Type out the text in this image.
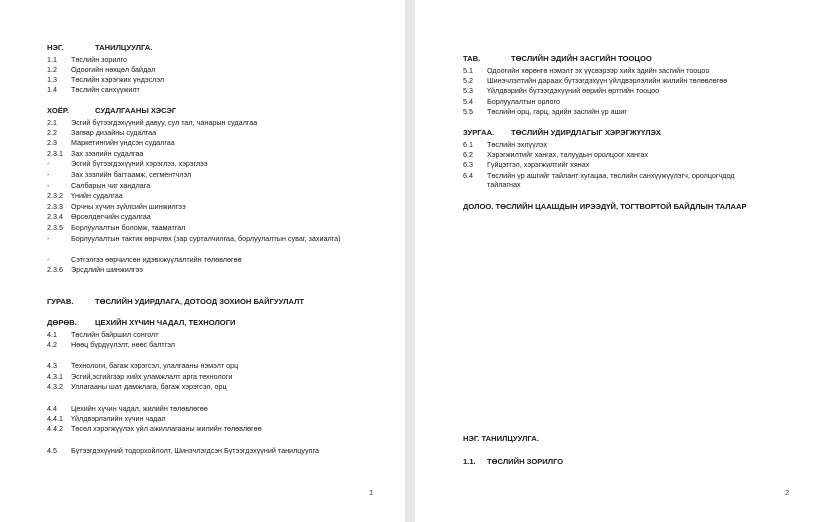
НЭГ.	ТАНИЛЦУУЛГА.
1.1 Төслийн зорилго
1.2 Одоогийн нөхцөл байдал
1.3 Төслийн хэрэгжих үндэслэл
1.4 Төслийн санхүүжилт
ХОЁР.	СУДАЛГААНЫ ХЭСЭГ
2.1 Эсгий бүтээгдэхүүний давуу, сул тал, чанарын судалгаа
2.2 Загвар дизайны судалгаа
2.3 Маркетингийн үндсэн судалгаа
2.3.1 Зах зээлийн судалгаа
-	Эсгий бүтээгдэхүүний хэрэглээ, хэрэглээ
-	Зах зээлийн багтаамж, сегментчлэл
-	Салбарын чиг хандлага
2.3.2 Үнийн судалгаа
2.3.3 Орчны хүчин зүйлсийн шинжилгээ
2.3.4 Өрсөлдөгчийн судалгаа
2.3.5 Борлуулалтын боломж, тааматгал
-	Борлуулалтын тактик өөрчлөх (зар сурталчилгаа, борлуулалтын суваг, захиалга)
-	Сэтгэлгээ өөрчилсөн идэвхжүүлалтийн төлөвлөгөө
2.3.6 Эрсдлийн шинжилгээ
ГУРАВ.	ТӨСЛИЙН УДИРДЛАГА, ДОТООД ЗОХИОН БАЙГУУЛАЛТ
ДӨРӨВ. ЦЕХИЙН ХҮЧИН ЧАДАЛ, ТЕХНОЛОГИ
4.1 Төслийн байршил сонголт
4.2 Нөөц бүрдүүлэлт, нөөс балтгэл
4.3 Технологи, багаж хэрэгсэл, улалгааны нэмэлт орц
4.3.1 Эсгий,эсгийгээр хийх уламжлалт арга технологи
4.3.2 Уллагааны шат дамжлага, багаж хэрэгсэл, орц
4.4 Цехийн хүчин чадал, жилийн төлөвлөгөө
4.4.1 Үйлдвэрлэлийн хүчин чадал
4.4.2 Төсөл хэрэгжүүлэх үйл ажиллагааны жилийн төлөвлөгөө
4.5 Бүтээгдэхүүний тодорхойлолт, Шинэчлэгдсэн Бүтээгдэхүүний танилцуулга
1
ТАВ.	ТӨСЛИЙН ЭДИЙН ЗАСГИЙН ТООЦОО
5.1 Одоогийн хөрөнгө нэмэлт эх үүсвэрээр хийх эдийн засгийн тооцоо
5.2 Шинэчлэлтийн дараах бүтээгдэхүүн үйлдвэрлэлийн жилийн төлөвлөгөө
5.3 Үйлдвэрийн бүтээгдэхүүний өөрийн өртгийн тооцоо
5.4 Борлуулалтын орлого
5.5 Төслийн орц, гарц, эдийн засгийн үр ашиг
ЗУРГАА. ТӨСЛИЙН УДИРДЛАГЫГ ХЭРЭГЖҮҮЛЭХ
6.1 Төслийн эхлүүлэх
6.2 Хэрэгжилтийг хангах, талуудын оролцоог хангах
6.3 Гүйцэтгэл, хэрэгжилтийг хянах
6.4 Төслийн үр ашгийг тайлант хугацаа, төслийн санхүүжүүлэгч, оролцогчдод тайлагнах
ДОЛОО. ТӨСЛИЙН ЦААШДЫН ИРЭЭДҮЙ, ТОГТВОРТОЙ БАЙДЛЫН ТАЛААР
НЭГ. ТАНИЛЦУУЛГА.
1.1. ТӨСЛИЙН ЗОРИЛГО
2
